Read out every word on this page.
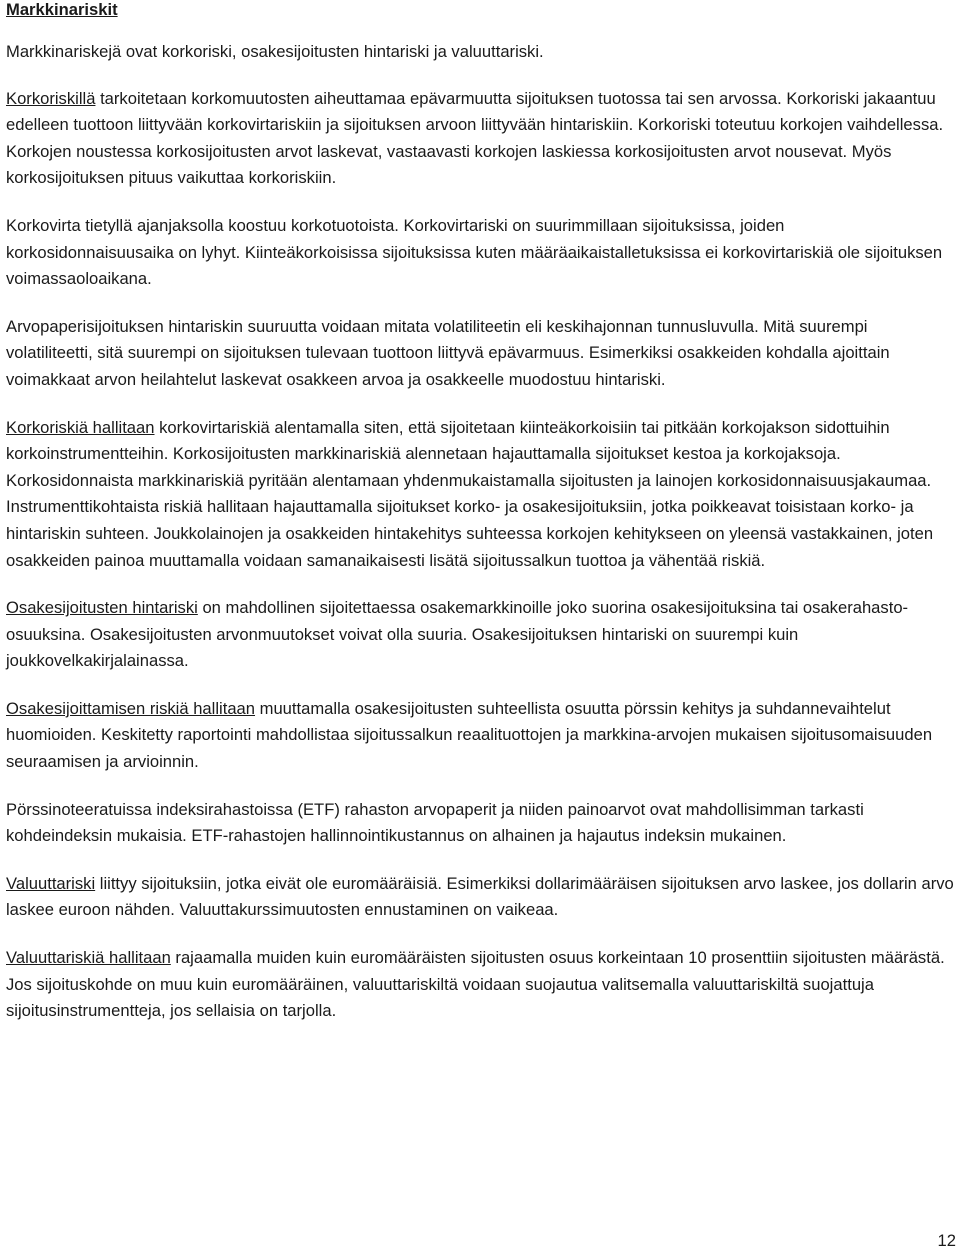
Markkinariskit

Markkinariskejä ovat korkoriski, osakesijoitusten hintariski ja valuuttariski.

Korkoriskillä tarkoitetaan korkomuutosten aiheuttamaa epävarmuutta sijoituksen tuotossa tai sen arvossa. Korkoriski jakaantuu edelleen tuottoon liittyvään korkovirtariskiin ja sijoituksen arvoon liittyvään hintariskiin. Korkoriski toteutuu korkojen vaihdellessa. Korkojen noustessa korkosijoitusten arvot laskevat, vastaavasti korkojen laskiessa korkosijoitusten arvot nousevat. Myös korkosijoituksen pituus vaikuttaa korkoriskiin.

Korkovirta tietyllä ajanjaksolla koostuu korkotuotoista. Korkovirtariski on suurimmillaan sijoituksissa, joiden korkosidonnaisuusaika on lyhyt. Kiinteäkorkoisissa sijoituksissa kuten määräaikaistalletuksissa ei korkovirtariskiä ole sijoituksen voimassaoloaikana.

Arvopaperisijoituksen hintariskin suuruutta voidaan mitata volatiliteetin eli keskihajonnan tunnusluvulla. Mitä suurempi volatiliteetti, sitä suurempi on sijoituksen tulevaan tuottoon liittyvä epävarmuus. Esimerkiksi osakkeiden kohdalla ajoittain voimakkaat arvon heilahtelut laskevat osakkeen arvoa ja osakkeelle muodostuu hintariski.

Korkoriskiä hallitaan korkovirtariskiä alentamalla siten, että sijoitetaan kiinteäkorkoisiin tai pitkään korkojakson sidottuihin korkoinstrumentteihin. Korkosijoitusten markkinariskiä alennetaan hajauttamalla sijoitukset kestoa ja korkojaksoja. Korkosidonnaista markkinariskiä pyritään alentamaan yhdenmukaistamalla sijoitusten ja lainojen korkosidonnaisuusjakaumaa. Instrumenttikohtaista riskiä hallitaan hajauttamalla sijoitukset korko- ja osakesijoituksiin, jotka poikkeavat toisistaan korko- ja hintariskin suhteen. Joukkolainojen ja osakkeiden hintakehitys suhteessa korkojen kehitykseen on yleensä vastakkainen, joten osakkeiden painoa muuttamalla voidaan samanaikaisesti lisätä sijoitussalkun tuottoa ja vähentää riskiä.

Osakesijoitusten hintariski on mahdollinen sijoitettaessa osakemarkkinoille joko suorina osakesijoituksina tai osakerahasto-osuuksina. Osakesijoitusten arvonmuutokset voivat olla suuria. Osakesijoituksen hintariski on suurempi kuin joukkovelkakirjalainassa.

Osakesijoittamisen riskiä hallitaan muuttamalla osakesijoitusten suhteellista osuutta pörssin kehitys ja suhdannevaihtelut huomioiden. Keskitetty raportointi mahdollistaa sijoitussalkun reaalituottojen ja markkina-arvojen mukaisen sijoitusomaisuuden seuraamisen ja arvioinnin.

Pörssinoteeratuissa indeksirahastoissa (ETF) rahaston arvopaperit ja niiden painoarvot ovat mahdollisimman tarkasti kohdeindeksin mukaisia. ETF-rahastojen hallinnointikustannus on alhainen ja hajautus indeksin mukainen.

Valuuttariski liittyy sijoituksiin, jotka eivät ole euromääräisiä. Esimerkiksi dollarimääräisen sijoituksen arvo laskee, jos dollarin arvo laskee euroon nähden. Valuuttakurssimuutosten ennustaminen on vaikeaa.

Valuuttariskiä hallitaan rajaamalla muiden kuin euromääräisten sijoitusten osuus korkeintaan 10 prosenttiin sijoitusten määrästä. Jos sijoituskohde on muu kuin euromääräinen, valuuttariskiltä voidaan suojautua valitsemalla valuuttariskiltä suojattuja sijoitusinstrumentteja, jos sellaisia on tarjolla.

12
